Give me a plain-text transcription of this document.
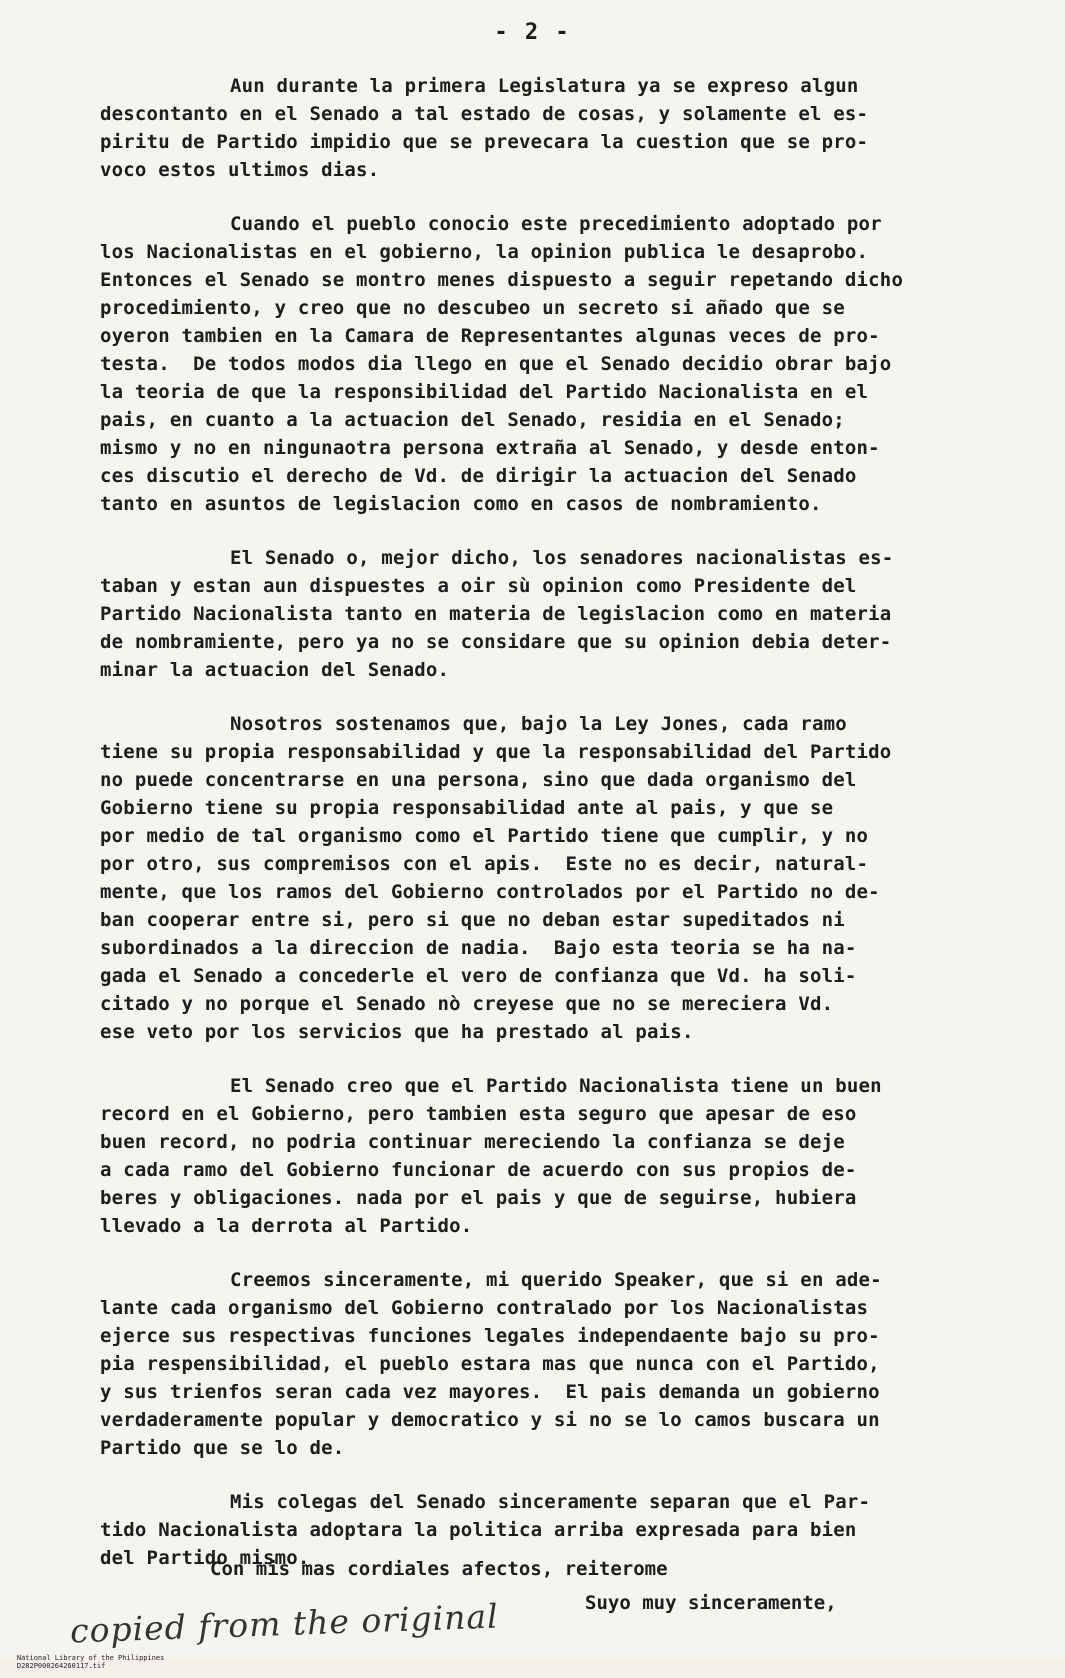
- 2 -
Aun durante la primera Legislatura ya se expreso algun
descontanto en el Senado a tal estado de cosas, y solamente el es-
piritu de Partido impidio que se prevecara la cuestion que se pro-
voco estos ultimos dias.
Cuando el pueblo conocio este precedimiento adoptado por
los Nacionalistas en el gobierno, la opinion publica le desaprobo.
Entonces el Senado se montro menes dispuesto a seguir repetando dicho
procedimiento, y creo que no descubeo un secreto si añado que se
oyeron tambien en la Camara de Representantes algunas veces de pro-
testa.  De todos modos dia llego en que el Senado decidio obrar bajo
la teoria de que la responsibilidad del Partido Nacionalista en el
pais, en cuanto a la actuacion del Senado, residia en el Senado;
mismo y no en ningunaotra persona extraña al Senado, y desde enton-
ces discutio el derecho de Vd. de dirigir la actuacion del Senado
tanto en asuntos de legislacion como en casos de nombramiento.
El Senado o, mejor dicho, los senadores nacionalistas es-
taban y estan aun dispuestes a oir sù opinion como Presidente del
Partido Nacionalista tanto en materia de legislacion como en materia
de nombramiente, pero ya no se considare que su opinion debia deter-
minar la actuacion del Senado.
Nosotros sostenamos que, bajo la Ley Jones, cada ramo
tiene su propia responsabilidad y que la responsabilidad del Partido
no puede concentrarse en una persona, sino que dada organismo del
Gobierno tiene su propia responsabilidad ante al pais, y que se
por medio de tal organismo como el Partido tiene que cumplir, y no
por otro, sus compremisos con el apis.  Este no es decir, natural-
mente, que los ramos del Gobierno controlados por el Partido no de-
ban cooperar entre si, pero si que no deban estar supeditados ni
subordinados a la direccion de nadia.  Bajo esta teoria se ha na-
gada el Senado a concederle el vero de confianza que Vd. ha soli-
citado y no porque el Senado nò creyese que no se mereciera Vd.
ese veto por los servicios que ha prestado al pais.
El Senado creo que el Partido Nacionalista tiene un buen
record en el Gobierno, pero tambien esta seguro que apesar de eso
buen record, no podria continuar mereciendo la confianza se deje
a cada ramo del Gobierno funcionar de acuerdo con sus propios de-
beres y obligaciones. nada por el pais y que de seguirse, hubiera
llevado a la derrota al Partido.
Creemos sinceramente, mi querido Speaker, que si en ade-
lante cada organismo del Gobierno contralado por los Nacionalistas
ejerce sus respectivas funciones legales independaente bajo su pro-
pia respensibilidad, el pueblo estara mas que nunca con el Partido,
y sus trienfos seran cada vez mayores.  El pais demanda un gobierno
verdaderamente popular y democratico y si no se lo camos buscara un
Partido que se lo de.
Mis colegas del Senado sinceramente separan que el Par-
tido Nacionalista adoptara la politica arriba expresada para bien
del Partido mismo.
Con mis mas cordiales afectos, reiterome
Suyo muy sinceramente,
copied from the original

National Library of the Philippines
D282P000264260117.tif
